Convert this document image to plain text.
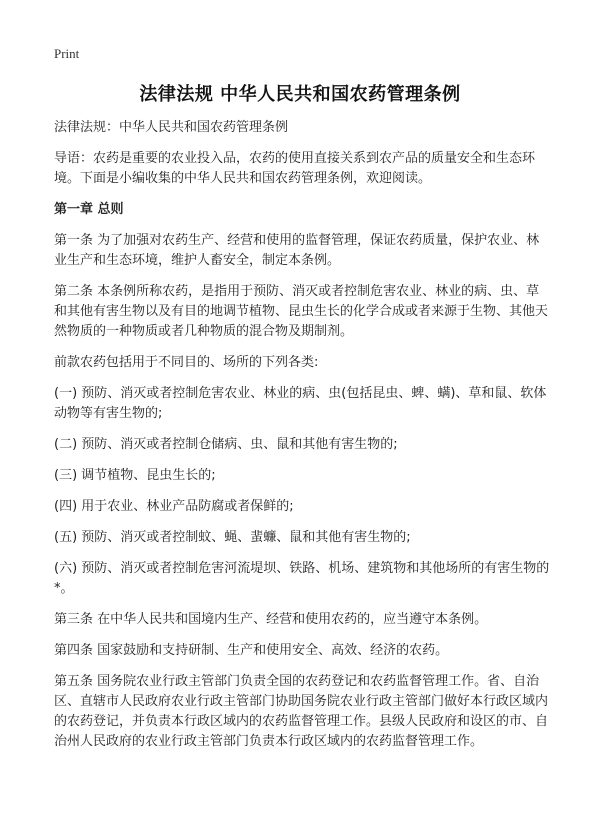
Print
法律法规 中华人民共和国农药管理条例

法律法规：中华人民共和国农药管理条例

导语：农药是重要的农业投入品，农药的使用直接关系到农产品的质量安全和生态环境。下面是小编收集的中华人民共和国农药管理条例，欢迎阅读。

第一章 总则

第一条 为了加强对农药生产、经营和使用的监督管理，保证农药质量，保护农业、林业生产和生态环境，维护人畜安全，制定本条例。

第二条 本条例所称农药，是指用于预防、消灭或者控制危害农业、林业的病、虫、草和其他有害生物以及有目的地调节植物、昆虫生长的化学合成或者来源于生物、其他天然物质的一种物质或者几种物质的混合物及期制剂。

前款农药包括用于不同目的、场所的下列各类:

(一) 预防、消灭或者控制危害农业、林业的病、虫(包括昆虫、蜱、螨)、草和鼠、软体动物等有害生物的;

(二) 预防、消灭或者控制仓储病、虫、鼠和其他有害生物的;

(三) 调节植物、昆虫生长的;

(四) 用于农业、林业产品防腐或者保鲜的;

(五) 预防、消灭或者控制蚊、蝇、蜚蠊、鼠和其他有害生物的;

(六) 预防、消灭或者控制危害河流堤坝、铁路、机场、建筑物和其他场所的有害生物的*。

第三条 在中华人民共和国境内生产、经营和使用农药的，应当遵守本条例。

第四条 国家鼓励和支持研制、生产和使用安全、高效、经济的农药。

第五条 国务院农业行政主管部门负责全国的农药登记和农药监督管理工作。省、自治区、直辖市人民政府农业行政主管部门协助国务院农业行政主管部门做好本行政区域内的农药登记，并负责本行政区域内的农药监督管理工作。县级人民政府和设区的市、自治州人民政府的农业行政主管部门负责本行政区域内的农药监督管理工作。
